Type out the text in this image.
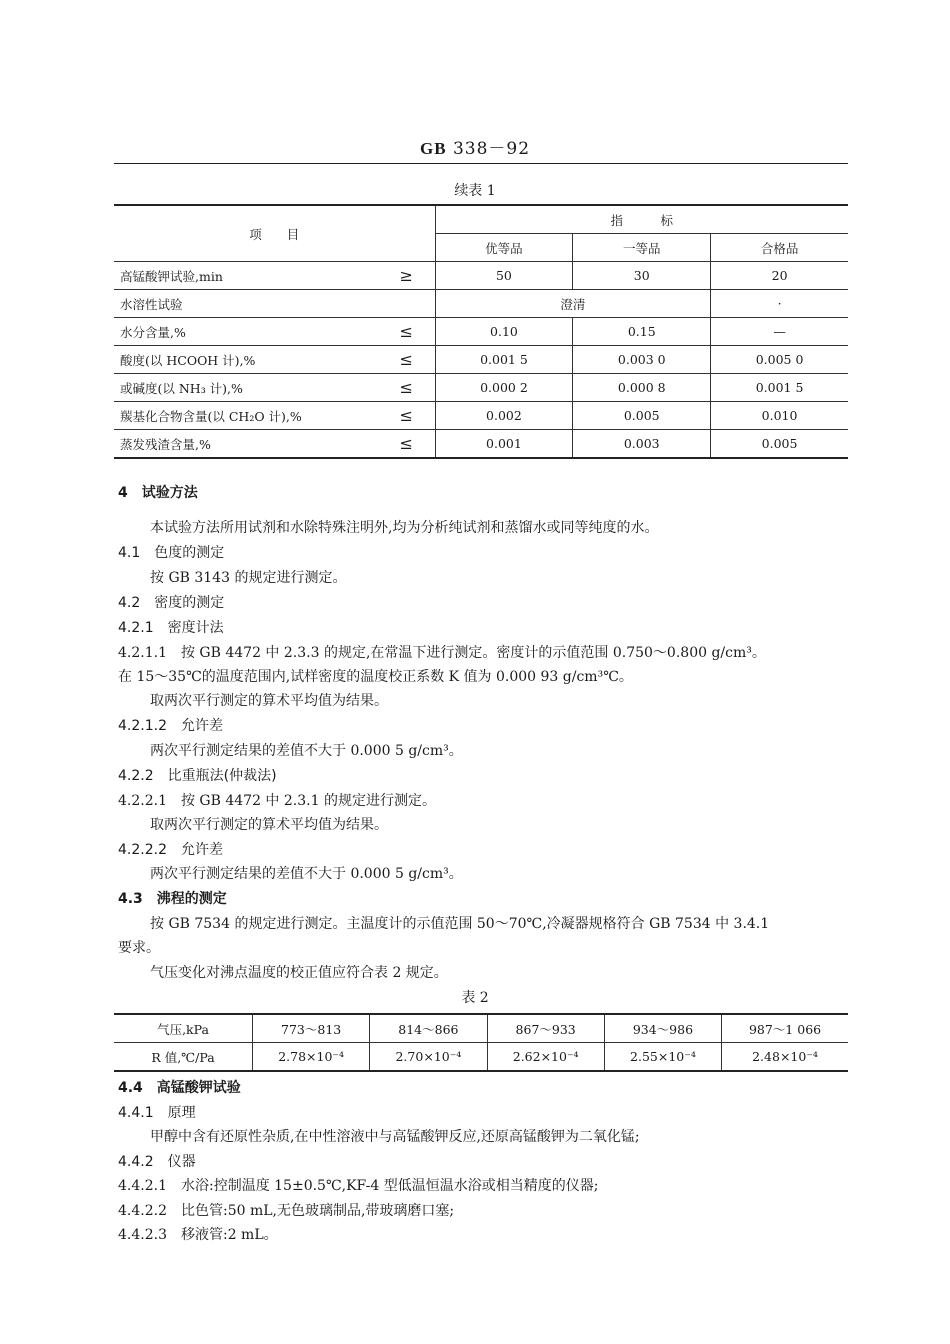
GB 338－92
续表 1
项　　目		指　　　标		
		优等品	一等品	合格品
高锰酸钾试验,min	≥	50	30	20
水溶性试验		澄清		·
水分含量,%	≤	0.10	0.15	—
酸度(以 HCOOH 计),%	≤	0.001 5	0.003 0	0.005 0
或碱度(以 NH₃ 计),%	≤	0.000 2	0.000 8	0.001 5
羰基化合物含量(以 CH₂O 计),%	≤	0.002	0.005	0.010
蒸发残渣含量,%	≤	0.001	0.003	0.005
4　试验方法
本试验方法所用试剂和水除特殊注明外,均为分析纯试剂和蒸馏水或同等纯度的水。
4.1　色度的测定
按 GB 3143 的规定进行测定。
4.2　密度的测定
4.2.1　密度计法
4.2.1.1　按 GB 4472 中 2.3.3 的规定,在常温下进行测定。密度计的示值范围 0.750～0.800 g/cm³。
在 15～35℃的温度范围内,试样密度的温度校正系数 K 值为 0.000 93 g/cm³℃。
取两次平行测定的算术平均值为结果。
4.2.1.2　允许差
两次平行测定结果的差值不大于 0.000 5 g/cm³。
4.2.2　比重瓶法(仲裁法)
4.2.2.1　按 GB 4472 中 2.3.1 的规定进行测定。
取两次平行测定的算术平均值为结果。
4.2.2.2　允许差
两次平行测定结果的差值不大于 0.000 5 g/cm³。
4.3　沸程的测定
按 GB 7534 的规定进行测定。主温度计的示值范围 50～70℃,冷凝器规格符合 GB 7534 中 3.4.1
要求。
气压变化对沸点温度的校正值应符合表 2 规定。
表 2
气压,kPa	773～813	814～866	867～933	934～986	987～1 066
R 值,℃/Pa	2.78×10⁻⁴	2.70×10⁻⁴	2.62×10⁻⁴	2.55×10⁻⁴	2.48×10⁻⁴
4.4　高锰酸钾试验
4.4.1　原理
甲醇中含有还原性杂质,在中性溶液中与高锰酸钾反应,还原高锰酸钾为二氧化锰;
4.4.2　仪器
4.4.2.1　水浴:控制温度 15±0.5℃,KF-4 型低温恒温水浴或相当精度的仪器;
4.4.2.2　比色管:50 mL,无色玻璃制品,带玻璃磨口塞;
4.4.2.3　移液管:2 mL。
